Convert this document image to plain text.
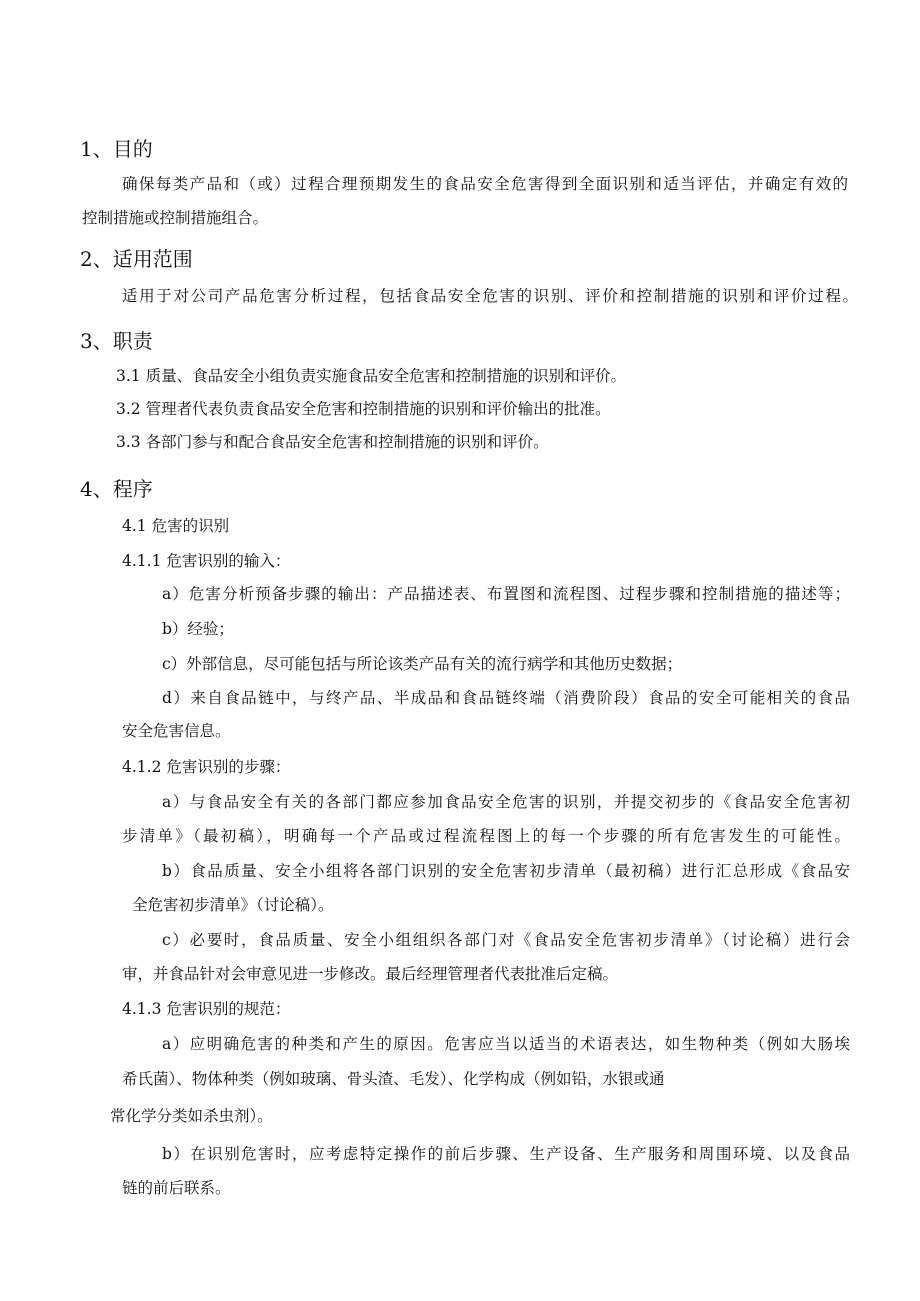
1、目的
确保每类产品和（或）过程合理预期发生的食品安全危害得到全面识别和适当评估，并确定有效的
控制措施或控制措施组合。
2、适用范围
适用于对公司产品危害分析过程，包括食品安全危害的识别、评价和控制措施的识别和评价过程。
3、职责
3.1 质量、食品安全小组负责实施食品安全危害和控制措施的识别和评价。
3.2 管理者代表负责食品安全危害和控制措施的识别和评价输出的批准。
3.3 各部门参与和配合食品安全危害和控制措施的识别和评价。
4、程序
4.1 危害的识别
4.1.1 危害识别的输入：
a）危害分析预备步骤的输出：产品描述表、布置图和流程图、过程步骤和控制措施的描述等；
b）经验；
c）外部信息，尽可能包括与所论该类产品有关的流行病学和其他历史数据；
d）来自食品链中，与终产品、半成品和食品链终端（消费阶段）食品的安全可能相关的食品
安全危害信息。
4.1.2 危害识别的步骤：
a）与食品安全有关的各部门都应参加食品安全危害的识别，并提交初步的《食品安全危害初
步清单》（最初稿），明确每一个产品或过程流程图上的每一个步骤的所有危害发生的可能性。
b）食品质量、安全小组将各部门识别的安全危害初步清单（最初稿）进行汇总形成《食品安
全危害初步清单》（讨论稿）。
c）必要时，食品质量、安全小组组织各部门对《食品安全危害初步清单》（讨论稿）进行会
审，并食品针对会审意见进一步修改。最后经理管理者代表批准后定稿。
4.1.3 危害识别的规范：
a）应明确危害的种类和产生的原因。危害应当以适当的术语表达，如生物种类（例如大肠埃
希氏菌）、物体种类（例如玻璃、骨头渣、毛发）、化学构成（例如铅，水银或通
常化学分类如杀虫剂）。
b）在识别危害时，应考虑特定操作的前后步骤、生产设备、生产服务和周围环境、以及食品
链的前后联系。
